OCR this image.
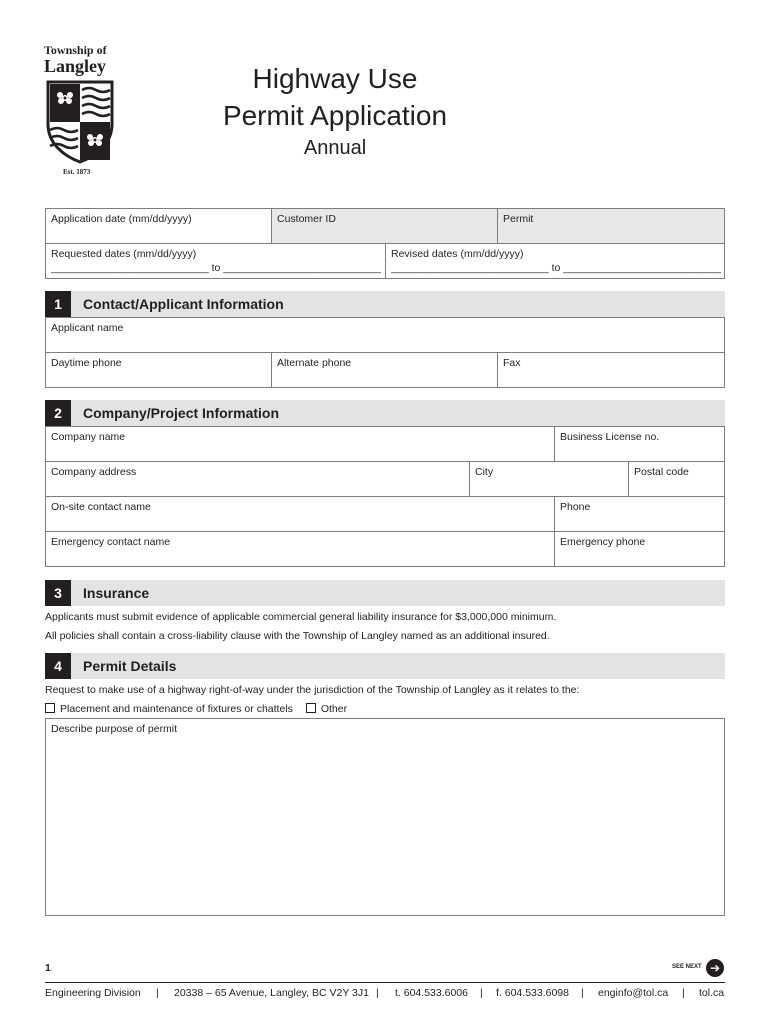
Township of
Langley
Est. 1873
Highway Use
Permit Application
Annual
Application date (mm/dd/yyyy)	Customer ID	Permit
Requested dates (mm/dd/yyyy)
___________________________ to ___________________________
Revised dates (mm/dd/yyyy)
___________________________ to ___________________________
1	Contact/Applicant Information
Applicant name
Daytime phone	Alternate phone	Fax
2	Company/Project Information
Company name	Business License no.
Company address	City	Postal code
On-site contact name	Phone
Emergency contact name	Emergency phone
3	Insurance
Applicants must submit evidence of applicable commercial general liability insurance for $3,000,000 minimum.
All policies shall contain a cross-liability clause with the Township of Langley named as an additional insured.
4	Permit Details
Request to make use of a highway right-of-way under the jurisdiction of the Township of Langley as it relates to the:
Placement and maintenance of fixtures or chattels	Other
Describe purpose of permit
1	SEE NEXT ➔
Engineering Division | 20338 – 65 Avenue, Langley, BC V2Y 3J1 | t. 604.533.6006 | f. 604.533.6098 | enginfo@tol.ca | tol.ca
